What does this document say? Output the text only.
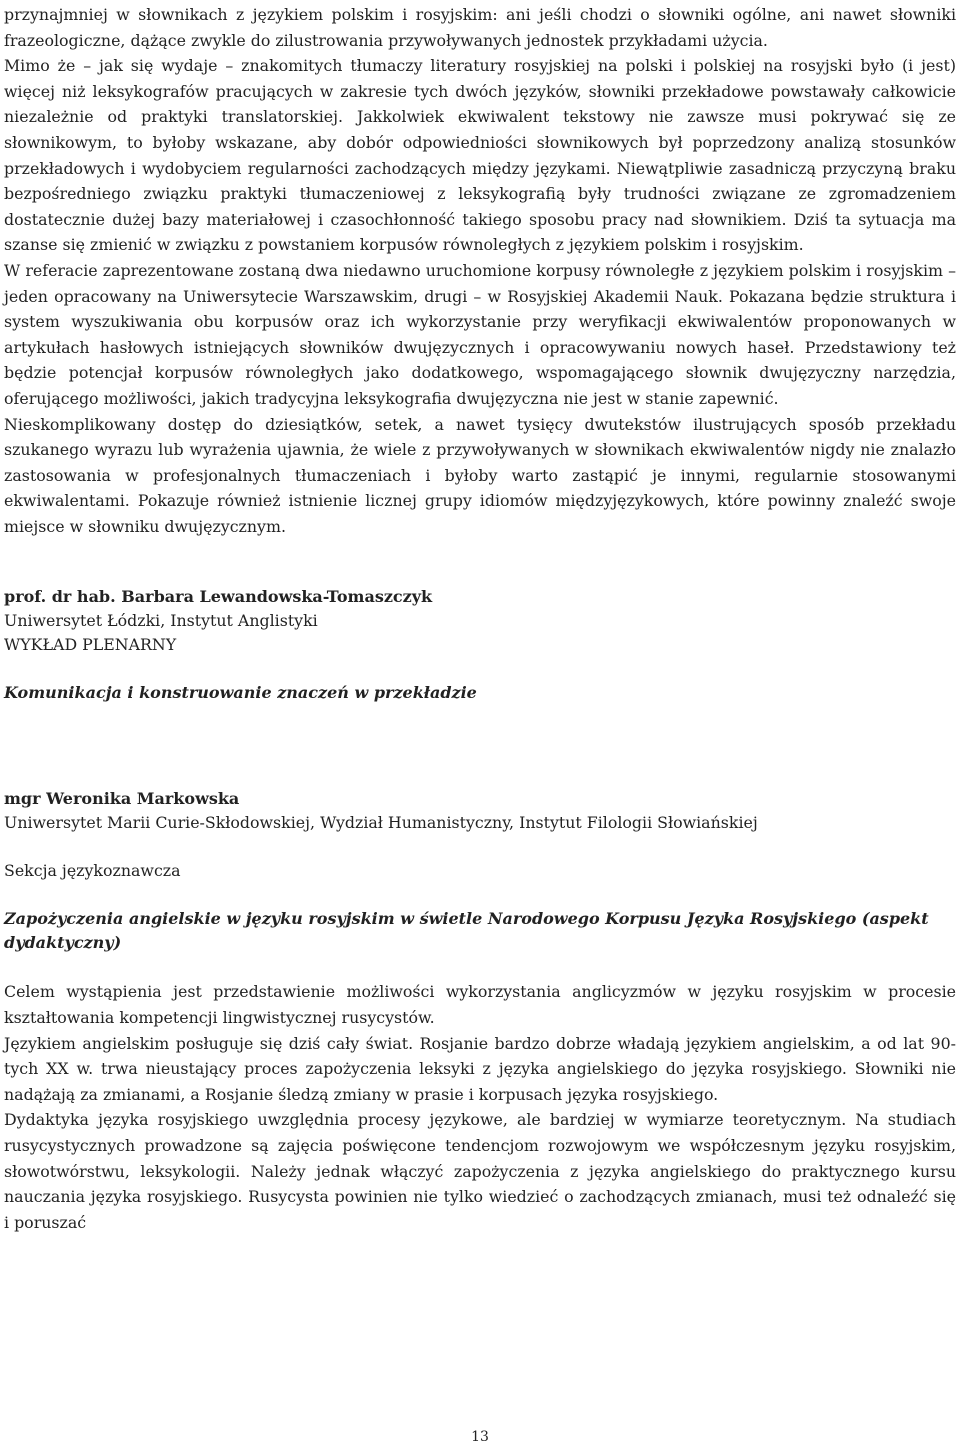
przynajmniej w słownikach z językiem polskim i rosyjskim: ani jeśli chodzi o słowniki ogólne, ani nawet słowniki frazeologiczne, dążące zwykle do zilustrowania przywoływanych jednostek przykładami użycia.

Mimo że – jak się wydaje – znakomitych tłumaczy literatury rosyjskiej na polski i polskiej na rosyjski było (i jest) więcej niż leksykografów pracujących w zakresie tych dwóch języków, słowniki przekładowe powstawały całkowicie niezależnie od praktyki translatorskiej. Jakkolwiek ekwiwalent tekstowy nie zawsze musi pokrywać się ze słownikowym, to byłoby wskazane, aby dobór odpowiedniości słownikowych był poprzedzony analizą stosunków przekładowych i wydobyciem regularności zachodzących między językami. Niewątpliwie zasadniczą przyczyną braku bezpośredniego związku praktyki tłumaczeniowej z leksykografią były trudności związane ze zgromadzeniem dostatecznie dużej bazy materiałowej i czasochłonność takiego sposobu pracy nad słownikiem. Dziś ta sytuacja ma szanse się zmienić w związku z powstaniem korpusów równoległych z językiem polskim i rosyjskim.

W referacie zaprezentowane zostaną dwa niedawno uruchomione korpusy równoległe z językiem polskim i rosyjskim – jeden opracowany na Uniwersytecie Warszawskim, drugi – w Rosyjskiej Akademii Nauk. Pokazana będzie struktura i system wyszukiwania obu korpusów oraz ich wykorzystanie przy weryfikacji ekwiwalentów proponowanych w artykułach hasłowych istniejących słowników dwujęzycznych i opracowywaniu nowych haseł. Przedstawiony też będzie potencjał korpusów równoległych jako dodatkowego, wspomagającego słownik dwujęzyczny narzędzia, oferującego możliwości, jakich tradycyjna leksykografia dwujęzyczna nie jest w stanie zapewnić.

Nieskomplikowany dostęp do dziesiątków, setek, a nawet tysięcy dwutekstów ilustrujących sposób przekładu szukanego wyrazu lub wyrażenia ujawnia, że wiele z przywoływanych w słownikach ekwiwalentów nigdy nie znalazło zastosowania w profesjonalnych tłumaczeniach i byłoby warto zastąpić je innymi, regularnie stosowanymi ekwiwalentami. Pokazuje również istnienie licznej grupy idiomów międzyjęzykowych, które powinny znaleźć swoje miejsce w słowniku dwujęzycznym.

prof. dr hab. Barbara Lewandowska-Tomaszczyk

Uniwersytet Łódzki, Instytut Anglistyki

WYKŁAD PLENARNY

Komunikacja i konstruowanie znaczeń w przekładzie

mgr Weronika Markowska

Uniwersytet Marii Curie-Skłodowskiej, Wydział Humanistyczny, Instytut Filologii Słowiańskiej

Sekcja językoznawcza

Zapożyczenia angielskie w języku rosyjskim w świetle Narodowego Korpusu Języka Rosyjskiego (aspekt dydaktyczny)

Celem wystąpienia jest przedstawienie możliwości wykorzystania anglicyzmów w języku rosyjskim w procesie kształtowania kompetencji lingwistycznej rusycystów.

Językiem angielskim posługuje się dziś cały świat. Rosjanie bardzo dobrze władają językiem angielskim, a od lat 90-tych XX w. trwa nieustający proces zapożyczenia leksyki z języka angielskiego do języka rosyjskiego. Słowniki nie nadążają za zmianami, a Rosjanie śledzą zmiany w prasie i korpusach języka rosyjskiego.

Dydaktyka języka rosyjskiego uwzględnia procesy językowe, ale bardziej w wymiarze teoretycznym. Na studiach rusycystycznych prowadzone są zajęcia poświęcone tendencjom rozwojowym we współczesnym języku rosyjskim, słowotwórstwu, leksykologii. Należy jednak włączyć zapożyczenia z języka angielskiego do praktycznego kursu nauczania języka rosyjskiego. Rusycysta powinien nie tylko wiedzieć o zachodzących zmianach, musi też odnaleźć się i poruszać

13
